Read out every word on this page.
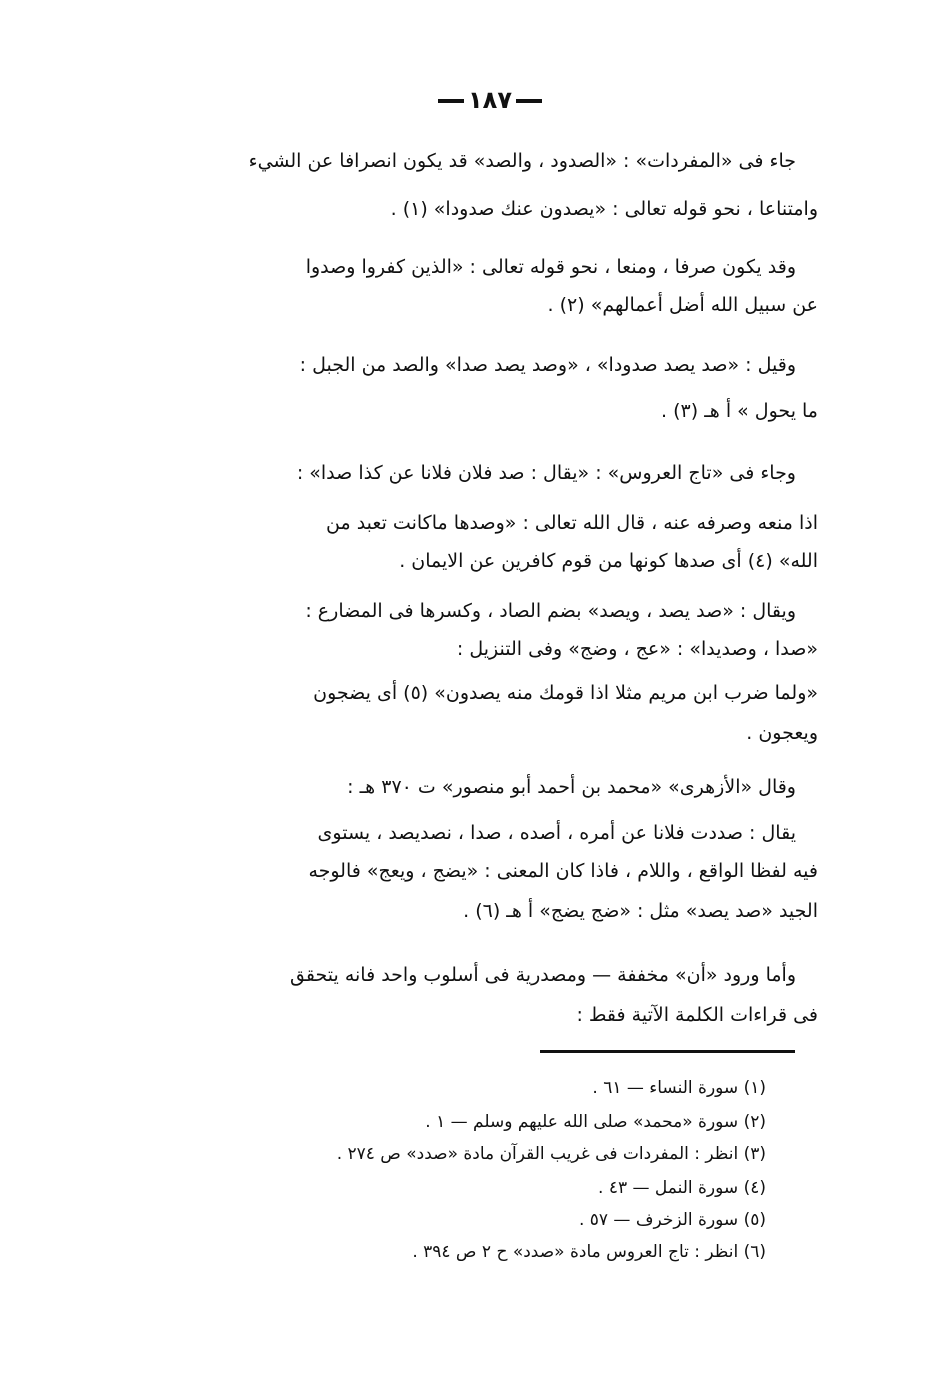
١٨٧
جاء فى «المفردات» : «الصدود ، والصد» قد يكون انصرافا عن الشيء
وامتناعا ، نحو قوله تعالى : «يصدون عنك صدودا» (١) .
وقد يكون صرفا ، ومنعا ، نحو قوله تعالى : «الذين كفروا وصدوا
عن سبيل الله أضل أعمالهم» (٢) .
وقيل : «صد يصد صدودا» ، «وصد يصد صدا» والصد من الجبل :
ما يحول » أ هـ (٣) .
وجاء فى «تاج العروس» : «يقال : صد فلان فلانا عن كذا صدا» :
اذا منعه وصرفه عنه ، قال الله تعالى : «وصدها ماكانت تعبد من
الله» (٤) أى صدها كونها من قوم كافرين عن الايمان .
ويقال : «صد يصد ، ويصد» بضم الصاد ، وكسرها فى المضارع :
«صدا ، وصديدا» : «عج ، وضج» وفى التنزيل :
«ولما ضرب ابن مريم مثلا اذا قومك منه يصدون» (٥) أى يضجون
ويعجون .
وقال «الأزهرى» «محمد بن أحمد أبو منصور» ت ٣٧٠ هـ :
يقال : صددت فلانا عن أمره ، أصده ، صدا ، نصديصد ، يستوى
فيه لفظا الواقع ، واللام ، فاذا كان المعنى : «يضج ، ويعج» فالوجه
الجيد «صد يصد» مثل : «ضج يضج» أ هـ (٦) .
وأما ورود «أن» مخففة — ومصدرية فى أسلوب واحد فانه يتحقق
فى قراءات الكلمة الآتية فقط :
(١) سورة النساء — ٦١ .
(٢) سورة «محمد» صلى الله عليهم وسلم — ١ .
(٣) انظر : المفردات فى غريب القرآن مادة «صدد» ص ٢٧٤ .
(٤) سورة النمل — ٤٣ .
(٥) سورة الزخرف — ٥٧ .
(٦) انظر : تاج العروس مادة «صدد» ح ٢ ص ٣٩٤ .
